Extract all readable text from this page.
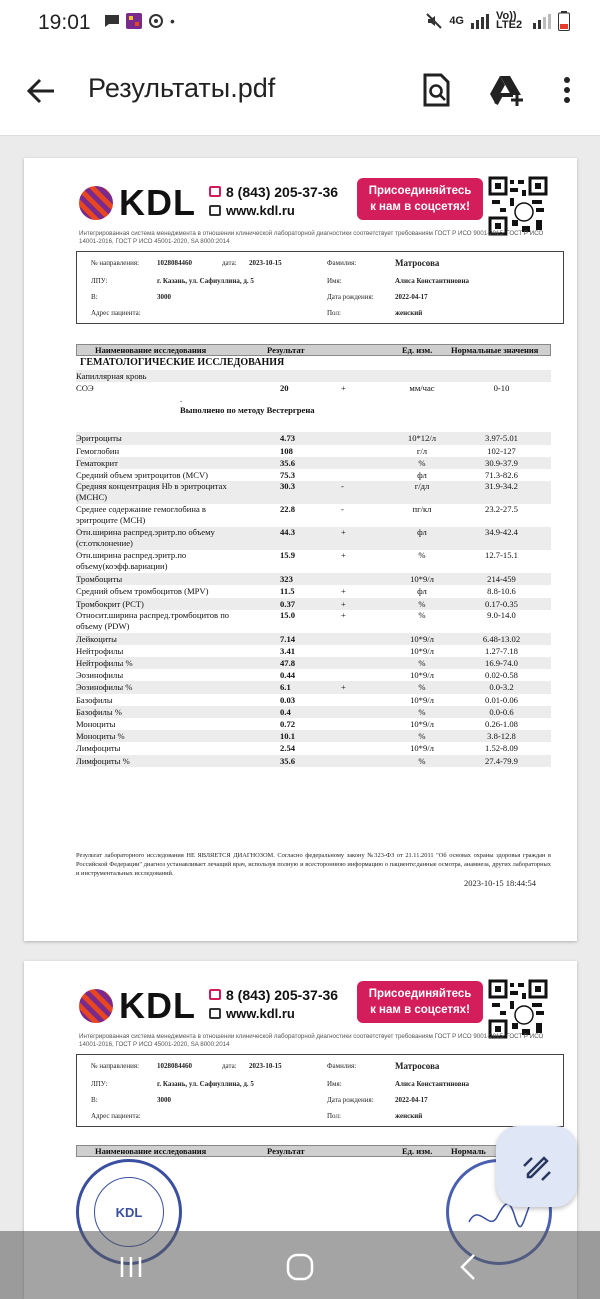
19:01	•	4G	Vo)) LTE2
Результаты.pdf
KDL 8 (843) 205-37-36
www.kdl.ru
Присоединяйтесь
к нам в соцсетях!
Интегрированная система менеджмента в отношении клинической лабораторной диагностики соответствует требованиям ГОСТ Р ИСО 9001-2015, ГОСТ Р ИСО 14001-2016, ГОСТ Р ИСО 45001-2020, SA 8000:2014
№ направления:	1028084460	дата: 2023-10-15
ЛПУ:	г. Казань, ул. Сафиуллина, д. 5
В:	3000
Адрес пациента:
Фамилия:	Матросова
Имя:	Алиса Константиновна
Дата рождения:	2022-04-17
Пол:	женский
Наименование исследования	Результат	Ед. изм. Нормальные значения
ГЕМАТОЛОГИЧЕСКИЕ ИССЛЕДОВАНИЯ
Капиллярная кровь
СОЭ	20	+	мм/час	0-10
.
Выполнено по методу Вестергрена
Эритроциты	4.73	10*12/л	3.97-5.01
Гемоглобин	108	г/л	102-127
Гематокрит	35.6	%	30.9-37.9
Средний объем эритроцитов (MCV)	75.3	фл	71.3-82.6
Средняя концентрация Hb в эритроцитах (MCHC)
30.3	-	г/дл	31.9-34.2
Среднее содержание гемоглобина в эритроците (MCH)
22.8	-	пг/кл	23.2-27.5
Отн.ширина распред.эритр.по объему (ст.отклонение)
44.3	+	фл	34.9-42.4
Отн.ширина распред.эритр.по объему(коэфф.вариации)
15.9	+	%	12.7-15.1
Тромбоциты	323	10*9/л	214-459
Средний объем тромбоцитов (MPV)	11.5	+	фл	8.8-10.6
Тромбокрит (PCT)	0.37	+	%	0.17-0.35
Относит.ширина распред.тромбоцитов по объему (PDW)
15.0	+	%	9.0-14.0
Лейкоциты	7.14	10*9/л	6.48-13.02
Нейтрофилы	3.41	10*9/л	1.27-7.18
Нейтрофилы %	47.8	%	16.9-74.0
Эозинофилы	0.44	10*9/л	0.02-0.58
Эозинофилы %	6.1	+	%	0.0-3.2
Базофилы	0.03	10*9/л	0.01-0.06
Базофилы %	0.4	%	0.0-0.6
Моноциты	0.72	10*9/л	0.26-1.08
Моноциты %	10.1	%	3.8-12.8
Лимфоциты	2.54	10*9/л	1.52-8.09
Лимфоциты %	35.6	%	27.4-79.9
Результат лабораторного исследования НЕ ЯВЛЯЕТСЯ ДИАГНОЗОМ. Согласно федеральному закону №323-ФЗ от 21.11.2011 "Об основах охраны здоровья граждан в Российской Федерации" диагноз устанавливает лечащий врач, используя полную и всестороннюю информацию о пациенте:данные осмотра, анамнеза, других лабораторных и инструментальных исследований.
2023-10-15 18:44:54
KDL 8 (843) 205-37-36
www.kdl.ru
Присоединяйтесь
к нам в соцсетях!
Интегрированная система менеджмента в отношении клинической лабораторной диагностики соответствует требованиям ГОСТ Р ИСО 9001-2015, ГОСТ Р ИСО 14001-2016, ГОСТ Р ИСО 45001-2020, SA 8000:2014
№ направления:	1028084460	дата: 2023-10-15
ЛПУ:	г. Казань, ул. Сафиуллина, д. 5
В:	3000
Адрес пациента:
Фамилия:	Матросова
Имя:	Алиса Константиновна
Дата рождения:	2022-04-17
Пол:	женский
Наименование исследования	Результат	Ед. изм. Нормаль
KDL
